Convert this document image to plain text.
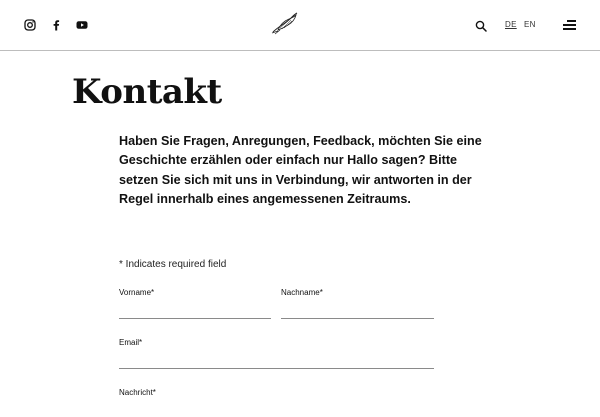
DE EN
Kontakt

Haben Sie Fragen, Anregungen, Feedback, möchten Sie eine Geschichte erzählen oder einfach nur Hallo sagen? Bitte setzen Sie sich mit uns in Verbindung, wir antworten in der Regel innerhalb eines angemessenen Zeitraums.

* Indicates required field
Vorname*	Nachname*
Email*
Nachricht*
